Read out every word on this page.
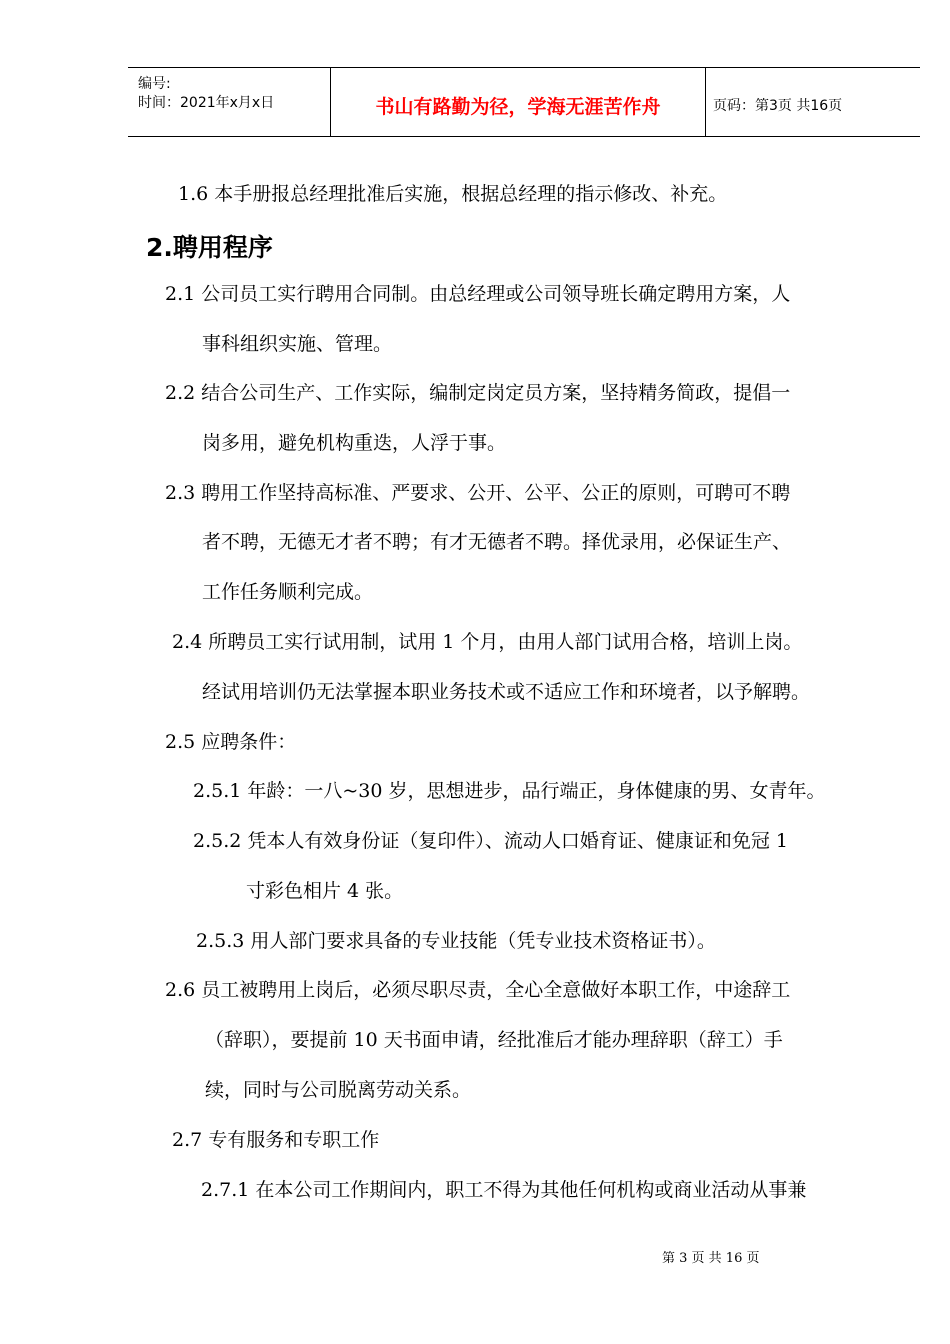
编号:
时间：2021年x月x日	书山有路勤为径，学海无涯苦作舟	页码：第3页 共16页
1.6 本手册报总经理批准后实施，根据总经理的指示修改、补充。
2.聘用程序
2.1 公司员工实行聘用合同制。由总经理或公司领导班长确定聘用方案，人
事科组织实施、管理。
2.2 结合公司生产、工作实际，编制定岗定员方案，坚持精务简政，提倡一
岗多用，避免机构重迭，人浮于事。
2.3 聘用工作坚持高标准、严要求、公开、公平、公正的原则，可聘可不聘
者不聘，无德无才者不聘；有才无德者不聘。择优录用，必保证生产、
工作任务顺利完成。
2.4 所聘员工实行试用制，试用 1 个月，由用人部门试用合格，培训上岗。
经试用培训仍无法掌握本职业务技术或不适应工作和环境者，以予解聘。
2.5 应聘条件：
2.5.1 年龄：一八~30 岁，思想进步，品行端正，身体健康的男、女青年。
2.5.2 凭本人有效身份证（复印件）、流动人口婚育证、健康证和免冠 1
寸彩色相片 4 张。
2.5.3 用人部门要求具备的专业技能（凭专业技术资格证书）。
2.6 员工被聘用上岗后，必须尽职尽责，全心全意做好本职工作，中途辞工
（辞职），要提前 10 天书面申请，经批准后才能办理辞职（辞工）手
续，同时与公司脱离劳动关系。
2.7 专有服务和专职工作
2.7.1 在本公司工作期间内，职工不得为其他任何机构或商业活动从事兼
第 3 页 共 16 页
